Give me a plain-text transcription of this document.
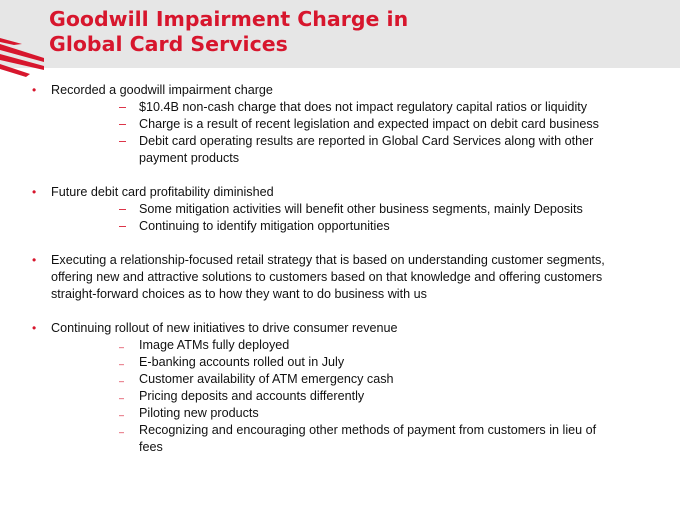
Goodwill Impairment Charge in
Global Card Services
• Recorded a goodwill impairment charge
– $10.4B non-cash charge that does not impact regulatory capital ratios or liquidity
– Charge is a result of recent legislation and expected impact on debit card business
– Debit card operating results are reported in Global Card Services along with other payment products
• Future debit card profitability diminished
– Some mitigation activities will benefit other business segments, mainly Deposits
– Continuing to identify mitigation opportunities
• Executing a relationship-focused retail strategy that is based on understanding customer segments, offering new and attractive solutions to customers based on that knowledge and offering customers straight-forward choices as to how they want to do business with us
• Continuing rollout of new initiatives to drive consumer revenue
– Image ATMs fully deployed
– E-banking accounts rolled out in July
– Customer availability of ATM emergency cash
– Pricing deposits and accounts differently
– Piloting new products
– Recognizing and encouraging other methods of payment from customers in lieu of fees
